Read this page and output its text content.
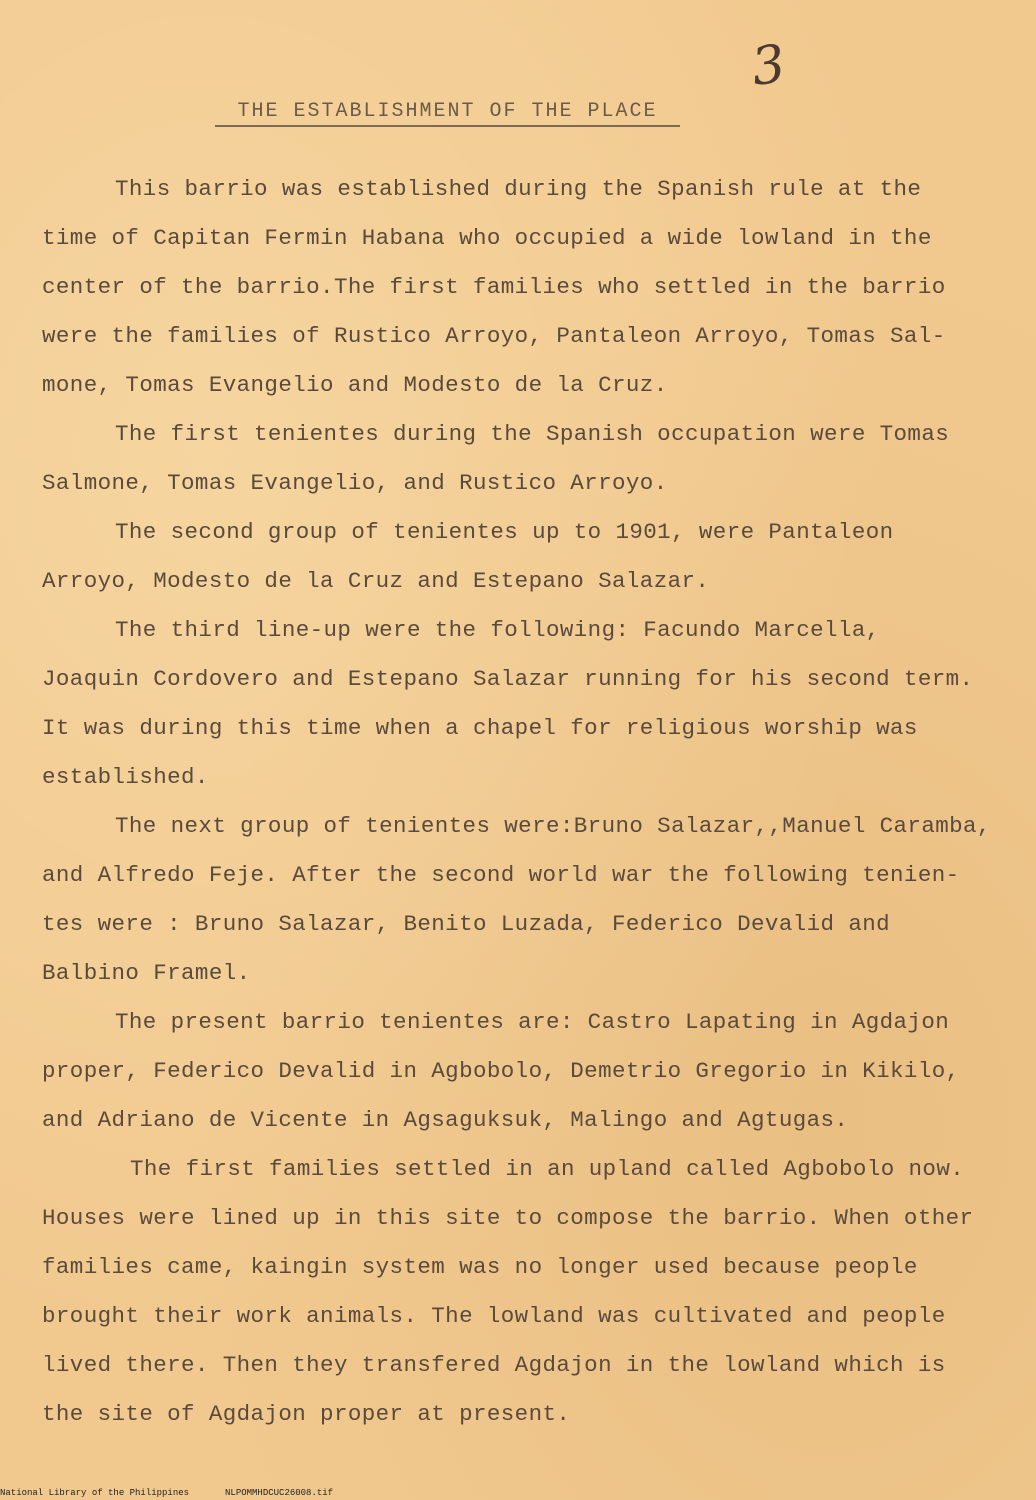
3
THE ESTABLISHMENT OF THE PLACE
This barrio was established during the Spanish rule at the
time of Capitan Fermin Habana who occupied a wide lowland in the
center of the barrio.The first families who settled in the barrio
were the families of Rustico Arroyo, Pantaleon Arroyo, Tomas Sal-
mone, Tomas Evangelio and Modesto de la Cruz.
The first tenientes during the Spanish occupation were Tomas
Salmone, Tomas Evangelio, and Rustico Arroyo.
The second group of tenientes up to 1901, were Pantaleon
Arroyo, Modesto de la Cruz and Estepano Salazar.
The third line-up were the following: Facundo Marcella,
Joaquin Cordovero and Estepano Salazar running for his second term.
It was during this time when a chapel for religious worship was
established.
The next group of tenientes were:Bruno Salazar,,Manuel Caramba,
and Alfredo Feje. After the second world war the following tenien-
tes were : Bruno Salazar, Benito Luzada, Federico Devalid and
Balbino Framel.
The present barrio tenientes are: Castro Lapating in Agdajon
proper, Federico Devalid in Agbobolo, Demetrio Gregorio in Kikilo,
and Adriano de Vicente in Agsaguksuk, Malingo and Agtugas.
The first families settled in an upland called Agbobolo now.
Houses were lined up in this site to compose the barrio. When other
families came, kaingin system was no longer used because people
brought their work animals. The lowland was cultivated and people
lived there. Then they transfered Agdajon in the lowland which is
the site of Agdajon proper at present.
National Library of the Philippines	NLPOMMHDCUC26008.tif
